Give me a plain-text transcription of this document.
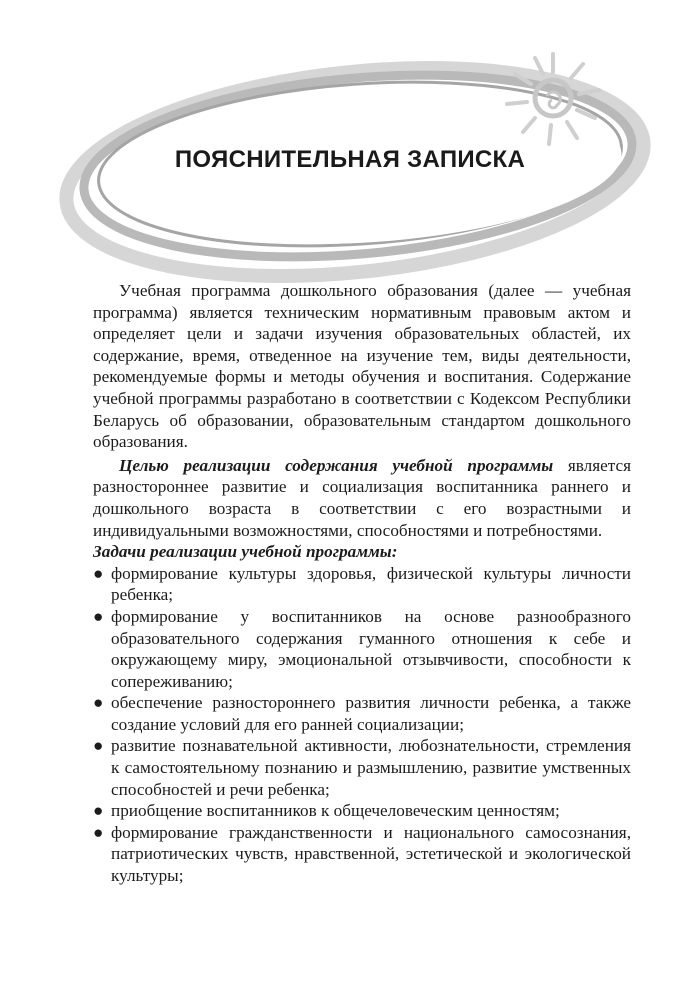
ПОЯСНИТЕЛЬНАЯ ЗАПИСКА

Учебная программа дошкольного образования (далее — учебная программа) является техническим нормативным правовым актом и определяет цели и задачи изучения образовательных областей, их содержание, время, отведенное на изучение тем, виды деятельности, рекомендуемые формы и методы обучения и воспитания. Содержание учебной программы разработано в соответствии с Кодексом Республики Беларусь об образовании, образовательным стандартом дошкольного образования.

Целью реализации содержания учебной программы является разностороннее развитие и социализация воспитанника раннего и дошкольного возраста в соответствии с его возрастными и индивидуальными возможностями, способностями и потребностями.

Задачи реализации учебной программы:

● формирование культуры здоровья, физической культуры личности ребенка;
● формирование у воспитанников на основе разнообразного образовательного содержания гуманного отношения к себе и окружающему миру, эмоциональной отзывчивости, способности к сопереживанию;
● обеспечение разностороннего развития личности ребенка, а также создание условий для его ранней социализации;
● развитие познавательной активности, любознательности, стремления к самостоятельному познанию и размышлению, развитие умственных способностей и речи ребенка;
● приобщение воспитанников к общечеловеческим ценностям;
● формирование гражданственности и национального самосознания, патриотических чувств, нравственной, эстетической и экологической культуры;
